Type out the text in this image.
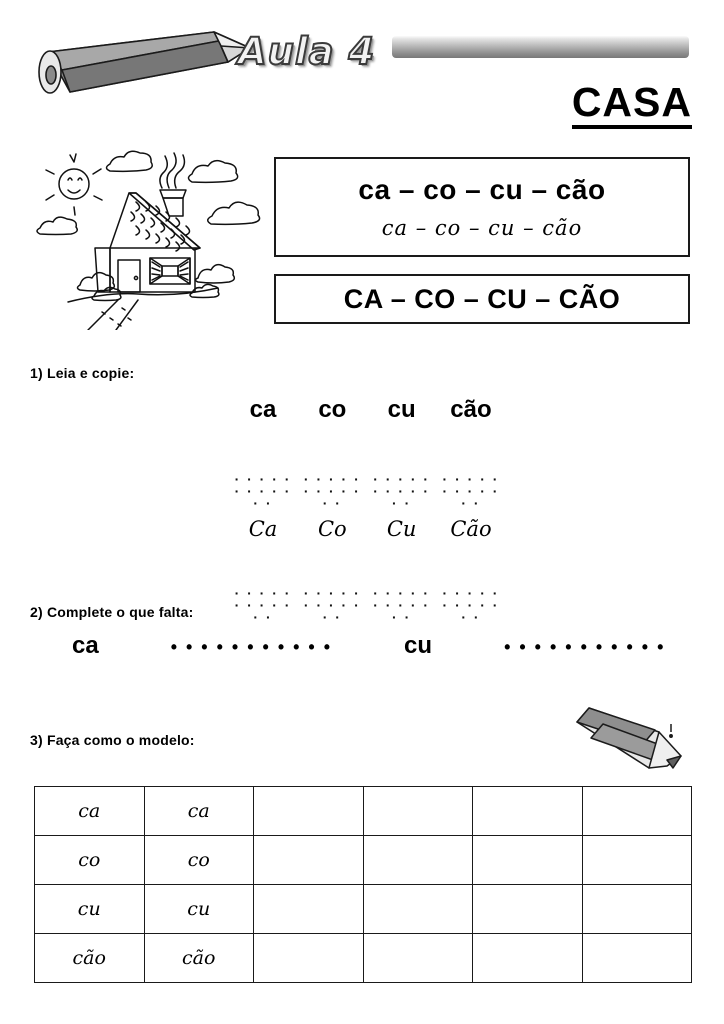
Aula 4
CASA
ca – co – cu – cão
ca – co – cu – cão
CA – CO – CU – CÃO
1) Leia e copie:
ca	co	cu	cão
· · · · · · · · · · · ·
· · · · · · · · · · · ·
· · · · · · · · · · · ·
· · · · · · · · · · · ·
Ca	Co	Cu	Cão
· · · · · · · · · · · ·
· · · · · · · · · · · ·
· · · · · · · · · · · ·
· · · · · · · · · · · ·
2) Complete o que falta:
ca	• • • • • • • • • • •	cu	• • • • • • • • • • •
3) Faça como o modelo:
ca	ca				
co	co				
cu	cu				
cão	cão				
